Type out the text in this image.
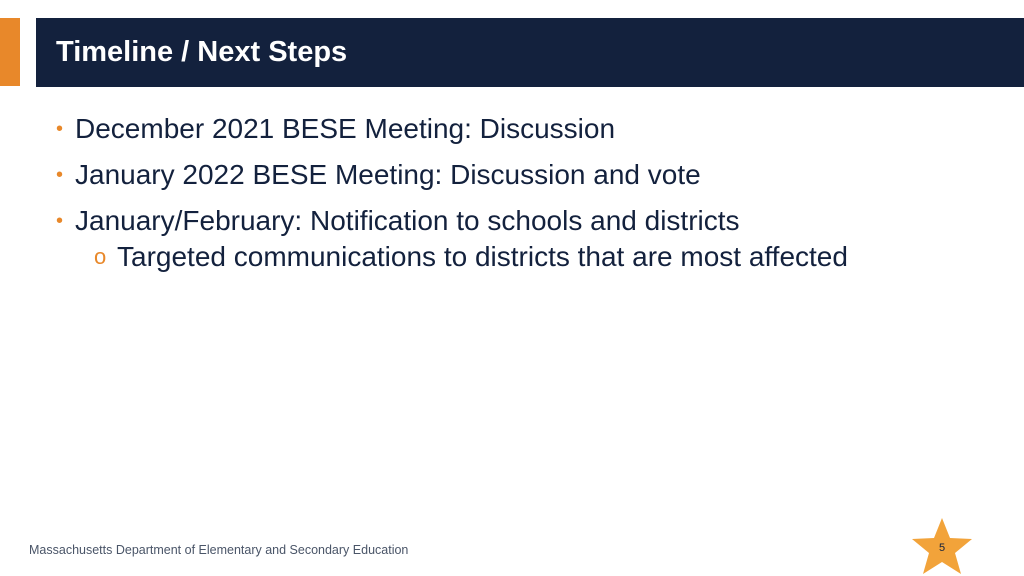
Timeline / Next Steps
• December 2021 BESE Meeting: Discussion
• January 2022 BESE Meeting: Discussion and vote
• January/February: Notification to schools and districts
o Targeted communications to districts that are most affected
Massachusetts Department of Elementary and Secondary Education	5
